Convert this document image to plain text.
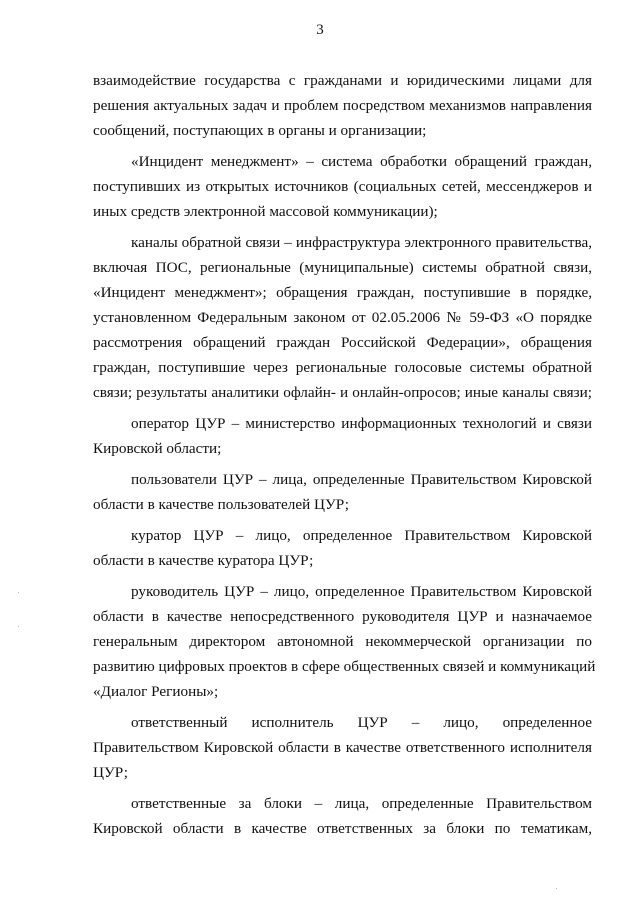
3
взаимодействие государства с гражданами и юридическими лицами для
решения актуальных задач и проблем посредством механизмов направления
сообщений, поступающих в органы и организации;
«Инцидент менеджмент» – система обработки обращений граждан,
поступивших из открытых источников (социальных сетей, мессенджеров и
иных средств электронной массовой коммуникации);
каналы обратной связи – инфраструктура электронного правительства,
включая ПОС, региональные (муниципальные) системы обратной связи,
«Инцидент менеджмент»; обращения граждан, поступившие в порядке,
установленном Федеральным законом от 02.05.2006 № 59-ФЗ «О порядке
рассмотрения обращений граждан Российской Федерации», обращения
граждан, поступившие через региональные голосовые системы обратной
связи; результаты аналитики офлайн- и онлайн-опросов; иные каналы связи;
оператор ЦУР – министерство информационных технологий и связи
Кировской области;
пользователи ЦУР – лица, определенные Правительством Кировской
области в качестве пользователей ЦУР;
куратор ЦУР – лицо, определенное Правительством Кировской
области в качестве куратора ЦУР;
руководитель ЦУР – лицо, определенное Правительством Кировской
области в качестве непосредственного руководителя ЦУР и назначаемое
генеральным директором автономной некоммерческой организации по
развитию цифровых проектов в сфере общественных связей и коммуникаций
«Диалог Регионы»;
ответственный исполнитель ЦУР – лицо, определенное
Правительством Кировской области в качестве ответственного исполнителя
ЦУР;
ответственные за блоки – лица, определенные Правительством
Кировской области в качестве ответственных за блоки по тематикам,
